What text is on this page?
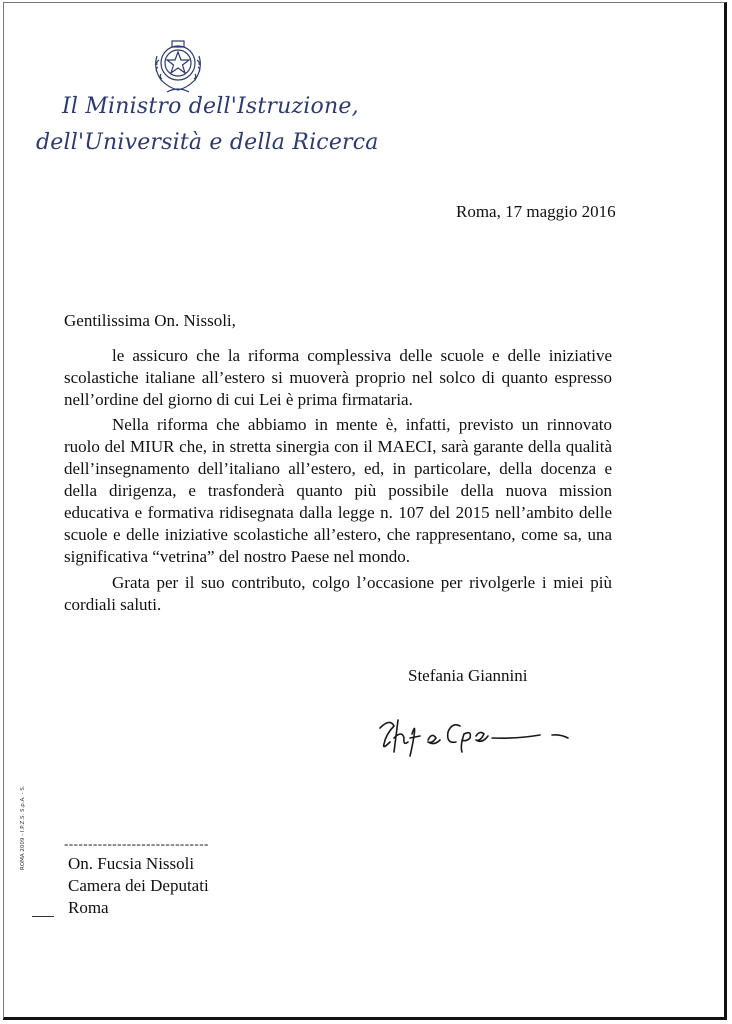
Il Ministro dell'Istruzione,
dell'Università e della Ricerca
Roma, 17 maggio 2016
Gentilissima On. Nissoli,

le assicuro che la riforma complessiva delle scuole e delle iniziative scolastiche italiane all’estero si muoverà proprio nel solco di quanto espresso nell’ordine del giorno di cui Lei è prima firmataria.

Nella riforma che abbiamo in mente è, infatti, previsto un rinnovato ruolo del MIUR che, in stretta sinergia con il MAECI, sarà garante della qualità dell’insegnamento dell’italiano all’estero, ed, in particolare, della docenza e della dirigenza, e trasfonderà quanto più possibile della nuova mission educativa e formativa ridisegnata dalla legge n. 107 del 2015 nell’ambito delle scuole e delle iniziative scolastiche all’estero, che rappresentano, come sa, una significativa “vetrina” del nostro Paese nel mondo.

Grata per il suo contributo, colgo l’occasione per rivolgerle i miei più cordiali saluti.

Stefania Giannini
ROMA 2009 - I.P.Z.S. S.p.A. - S.	------------------------------
On. Fucsia Nissoli
Camera dei Deputati
Roma
